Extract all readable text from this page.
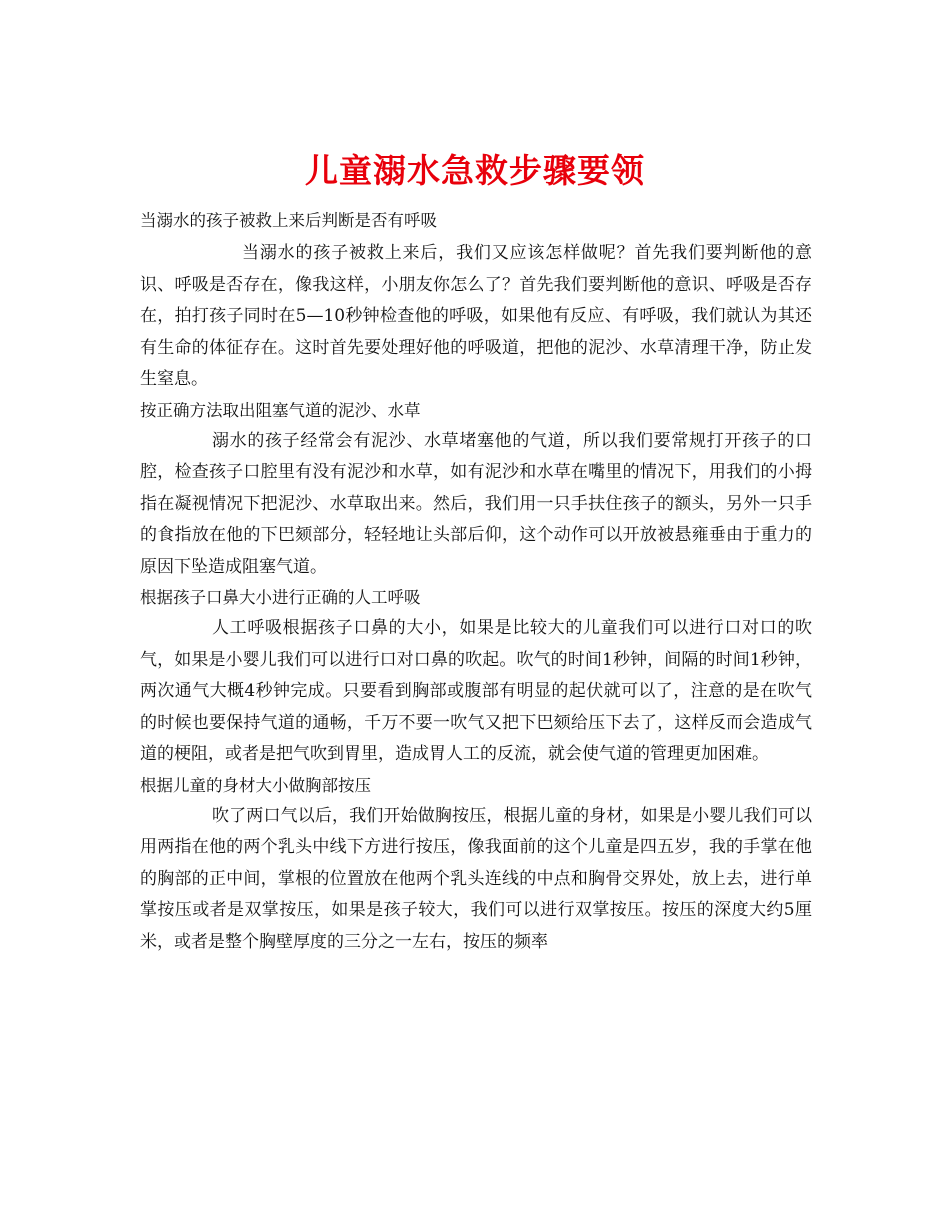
儿童溺水急救步骤要领

当溺水的孩子被救上来后判断是否有呼吸

当溺水的孩子被救上来后，我们又应该怎样做呢？首先我们要判断他的意识、呼吸是否存在，像我这样，小朋友你怎么了？首先我们要判断他的意识、呼吸是否存在，拍打孩子同时在5—10秒钟检查他的呼吸，如果他有反应、有呼吸，我们就认为其还有生命的体征存在。这时首先要处理好他的呼吸道，把他的泥沙、水草清理干净，防止发生窒息。

按正确方法取出阻塞气道的泥沙、水草

溺水的孩子经常会有泥沙、水草堵塞他的气道，所以我们要常规打开孩子的口腔，检查孩子口腔里有没有泥沙和水草，如有泥沙和水草在嘴里的情况下，用我们的小拇指在凝视情况下把泥沙、水草取出来。然后，我们用一只手扶住孩子的额头，另外一只手的食指放在他的下巴颏部分，轻轻地让头部后仰，这个动作可以开放被悬雍垂由于重力的原因下坠造成阻塞气道。

根据孩子口鼻大小进行正确的人工呼吸

人工呼吸根据孩子口鼻的大小，如果是比较大的儿童我们可以进行口对口的吹气，如果是小婴儿我们可以进行口对口鼻的吹起。吹气的时间1秒钟，间隔的时间1秒钟，两次通气大概4秒钟完成。只要看到胸部或腹部有明显的起伏就可以了，注意的是在吹气的时候也要保持气道的通畅，千万不要一吹气又把下巴颏给压下去了，这样反而会造成气道的梗阻，或者是把气吹到胃里，造成胃人工的反流，就会使气道的管理更加困难。

根据儿童的身材大小做胸部按压

吹了两口气以后，我们开始做胸按压，根据儿童的身材，如果是小婴儿我们可以用两指在他的两个乳头中线下方进行按压，像我面前的这个儿童是四五岁，我的手掌在他的胸部的正中间，掌根的位置放在他两个乳头连线的中点和胸骨交界处，放上去，进行单掌按压或者是双掌按压，如果是孩子较大，我们可以进行双掌按压。按压的深度大约5厘米，或者是整个胸壁厚度的三分之一左右，按压的频率
